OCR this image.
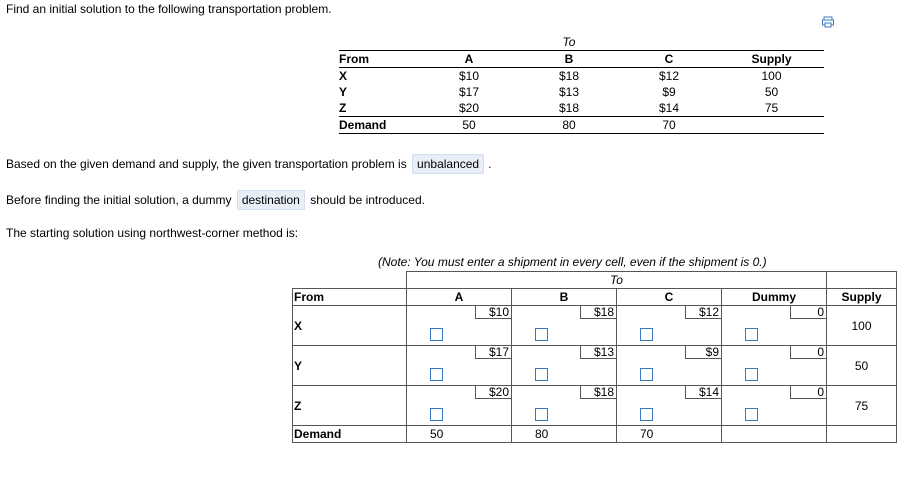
Find an initial solution to the following transportation problem.
		To		
From	A	B	C	Supply
X	$10	$18	$12	100
Y	$17	$13	$9	50
Z	$20	$18	$14	75
Demand	50	80	70	
Based on the given demand and supply, the given transportation problem is unbalanced .
Before finding the initial solution, a dummy destination should be introduced.
The starting solution using northwest-corner method is:
(Note: You must enter a shipment in every cell, even if the shipment is 0.)
	To				
From	A	B	C	Dummy	Supply

X	$10	$18	$12	0	100

Y	$17	$13	$9	0	50

Z	$20	$18	$14	0	75
Demand	50	80	70		
